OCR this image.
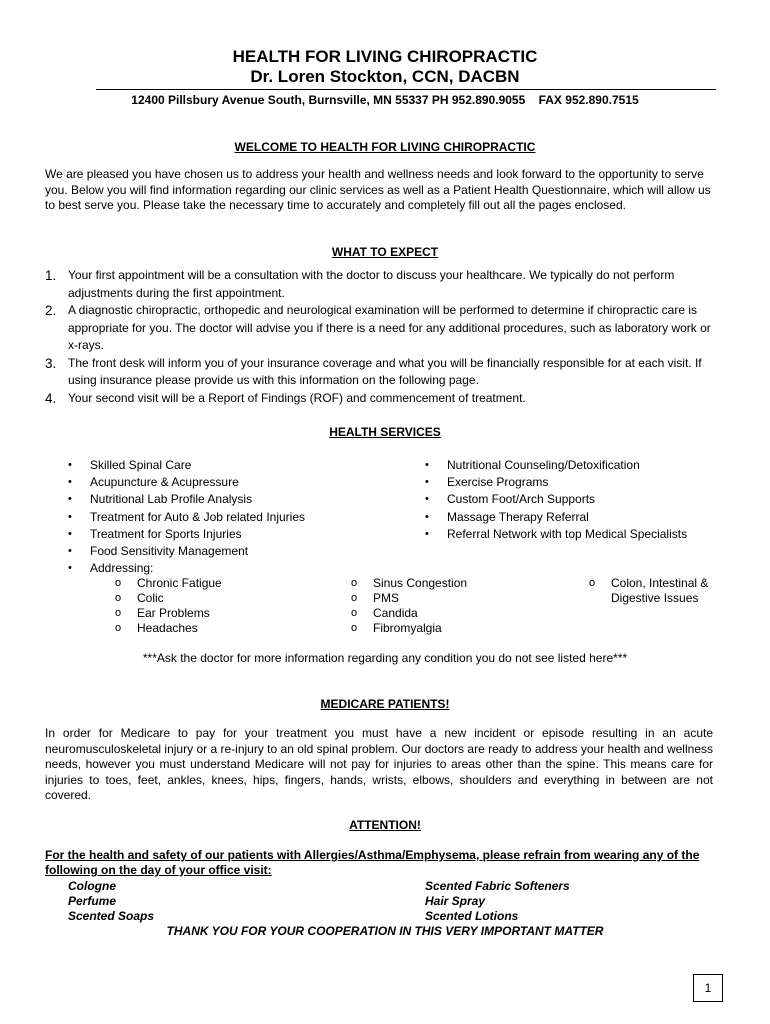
HEALTH FOR LIVING CHIROPRACTIC
Dr. Loren Stockton, CCN, DACBN
12400 Pillsbury Avenue South, Burnsville, MN 55337 PH 952.890.9055    FAX 952.890.7515
WELCOME TO HEALTH FOR LIVING CHIROPRACTIC
We are pleased you have chosen us to address your health and wellness needs and look forward to the opportunity to serve you. Below you will find information regarding our clinic services as well as a Patient Health Questionnaire, which will allow us to best serve you. Please take the necessary time to accurately and completely fill out all the pages enclosed.
WHAT TO EXPECT
1. Your first appointment will be a consultation with the doctor to discuss your healthcare. We typically do not perform adjustments during the first appointment.
2. A diagnostic chiropractic, orthopedic and neurological examination will be performed to determine if chiropractic care is appropriate for you. The doctor will advise you if there is a need for any additional procedures, such as laboratory work or x-rays.
3. The front desk will inform you of your insurance coverage and what you will be financially responsible for at each visit. If using insurance please provide us with this information on the following page.
4. Your second visit will be a Report of Findings (ROF) and commencement of treatment.
HEALTH SERVICES
• Skilled Spinal Care
• Acupuncture & Acupressure
• Nutritional Lab Profile Analysis
• Treatment for Auto & Job related Injuries
• Treatment for Sports Injuries
• Food Sensitivity Management
• Addressing:
• Nutritional Counseling/Detoxification
• Exercise Programs
• Custom Foot/Arch Supports
• Massage Therapy Referral
• Referral Network with top Medical Specialists
o Chronic Fatigue
o Colic
o Ear Problems
o Headaches
o Sinus Congestion
o PMS
o Candida
o Fibromyalgia
o Colon, Intestinal &
Digestive Issues
***Ask the doctor for more information regarding any condition you do not see listed here***
MEDICARE PATIENTS!
In order for Medicare to pay for your treatment you must have a new incident or episode resulting in an acute neuromusculoskeletal injury or a re-injury to an old spinal problem. Our doctors are ready to address your health and wellness needs, however you must understand Medicare will not pay for injuries to areas other than the spine. This means care for injuries to toes, feet, ankles, knees, hips, fingers, hands, wrists, elbows, shoulders and everything in between are not covered.
ATTENTION!
For the health and safety of our patients with Allergies/Asthma/Emphysema, please refrain from wearing any of the following on the day of your office visit:
Cologne
Perfume
Scented Soaps
Scented Fabric Softeners
Hair Spray
Scented Lotions
THANK YOU FOR YOUR COOPERATION IN THIS VERY IMPORTANT MATTER
1
